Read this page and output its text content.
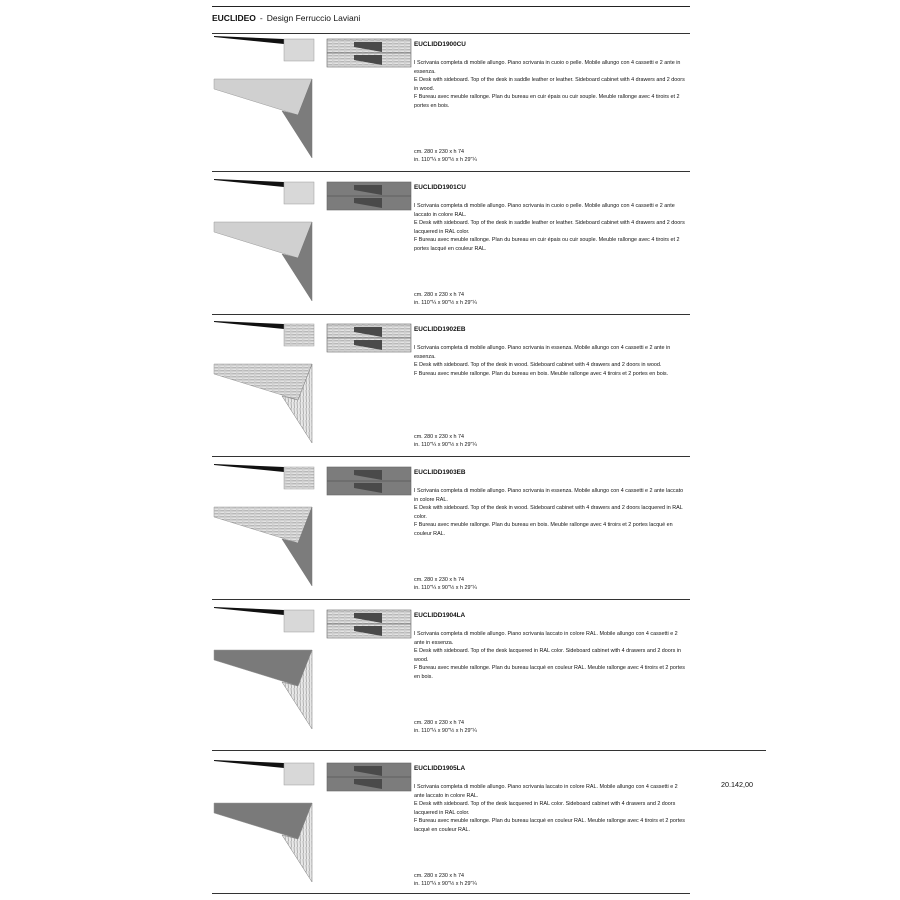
EUCLIDEO - Design Ferruccio Laviani
EUCLIDD1900CU

I Scrivania completa di mobile allungo. Piano scrivania in cuoio o pelle. Mobile allungo con 4 cassetti e 2 ante in essenza.

E Desk with sideboard. Top of the desk in saddle leather or leather. Sideboard cabinet with 4 drawers and 2 doors in wood.

F Bureau avec meuble rallonge. Plan du bureau en cuir épais ou cuir souple. Meuble rallonge avec 4 tiroirs et 2 portes en bois.

cm. 280 x 230 x h 74
in. 110"¼ x 90"½ x h 29"¼
EUCLIDD1901CU

I Scrivania completa di mobile allungo. Piano scrivania in cuoio o pelle. Mobile allungo con 4 cassetti e 2 ante laccato in colore RAL.

E Desk with sideboard. Top of the desk in saddle leather or leather. Sideboard cabinet with 4 drawers and 2 doors lacquered in RAL color.

F Bureau avec meuble rallonge. Plan du bureau en cuir épais ou cuir souple. Meuble rallonge avec 4 tiroirs et 2 portes lacqué en couleur RAL.

cm. 280 x 230 x h 74
in. 110"¼ x 90"½ x h 29"¼
EUCLIDD1902EB

I Scrivania completa di mobile allungo. Piano scrivania in essenza. Mobile allungo con 4 cassetti e 2 ante in essenza.

E Desk with sideboard. Top of the desk in wood. Sideboard cabinet with 4 drawers and 2 doors in wood.

F Bureau avec meuble rallonge. Plan du bureau en bois. Meuble rallonge avec 4 tiroirs et 2 portes en bois.

cm. 280 x 230 x h 74
in. 110"¼ x 90"½ x h 29"¼
EUCLIDD1903EB

I Scrivania completa di mobile allungo. Piano scrivania in essenza. Mobile allungo con 4 cassetti e 2 ante laccato in colore RAL.

E Desk with sideboard. Top of the desk in wood. Sideboard cabinet with 4 drawers and 2 doors lacquered in RAL color.

F Bureau avec meuble rallonge. Plan du bureau en bois. Meuble rallonge avec 4 tiroirs et 2 portes lacqué en couleur RAL.

cm. 280 x 230 x h 74
in. 110"¼ x 90"½ x h 29"¼
EUCLIDD1904LA

I Scrivania completa di mobile allungo. Piano scrivania laccato in colore RAL. Mobile allungo con 4 cassetti e 2 ante in essenza.

E Desk with sideboard. Top of the desk lacquered in RAL color. Sideboard cabinet with 4 drawers and 2 doors in wood.

F Bureau avec meuble rallonge. Plan du bureau lacqué en couleur RAL. Meuble rallonge avec 4 tiroirs et 2 portes en bois.

cm. 280 x 230 x h 74
in. 110"¼ x 90"½ x h 29"¼
EUCLIDD1905LA

I Scrivania completa di mobile allungo. Piano scrivania laccato in colore RAL. Mobile allungo con 4 cassetti e 2 ante laccato in colore RAL.

E Desk with sideboard. Top of the desk lacquered in RAL color. Sideboard cabinet with 4 drawers and 2 doors lacquered in RAL color.

F Bureau avec meuble rallonge. Plan du bureau lacqué en couleur RAL. Meuble rallonge avec 4 tiroirs et 2 portes lacqué en couleur RAL.

cm. 280 x 230 x h 74
in. 110"¼ x 90"½ x h 29"¼
20.142,00
